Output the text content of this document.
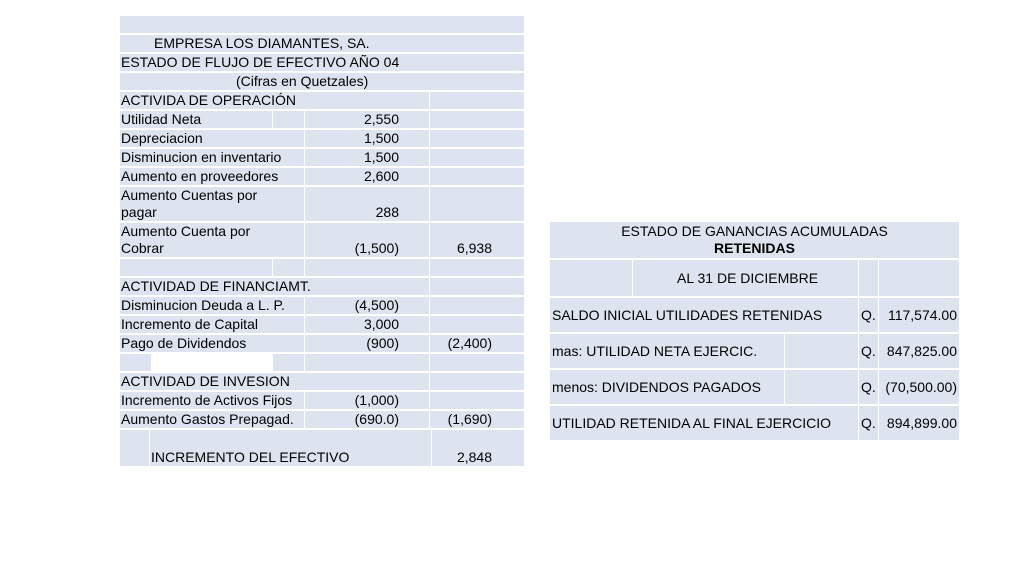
EMPRESA LOS DIAMANTES, SA.
ESTADO DE FLUJO DE EFECTIVO AÑO 04
(Cifras en Quetzales)
ACTIVIDA DE OPERACIÓN
Utilidad Neta	2,550
Depreciacion	1,500
Disminucion en inventario	1,500
Aumento en proveedores	2,600
Aumento Cuentas por pagar	288
Aumento Cuenta por Cobrar	(1,500)	6,938
ACTIVIDAD DE FINANCIAMT.
Disminucion Deuda a L. P.	(4,500)
Incremento de Capital	3,000
Pago de Dividendos	(900)	(2,400)
ACTIVIDAD DE INVESION
Incremento de Activos Fijos	(1,000)
Aumento Gastos Prepagad.	(690.0)	(1,690)
INCREMENTO DEL EFECTIVO	2,848
ESTADO DE GANANCIAS ACUMULADAS
RETENIDAS
AL 31 DE DICIEMBRE
SALDO INICIAL UTILIDADES RETENIDAS	Q. 117,574.00
mas: UTILIDAD NETA EJERCIC.	Q. 847,825.00
menos: DIVIDENDOS PAGADOS	Q. (70,500.00)
UTILIDAD RETENIDA AL FINAL EJERCICIO	Q. 894,899.00
